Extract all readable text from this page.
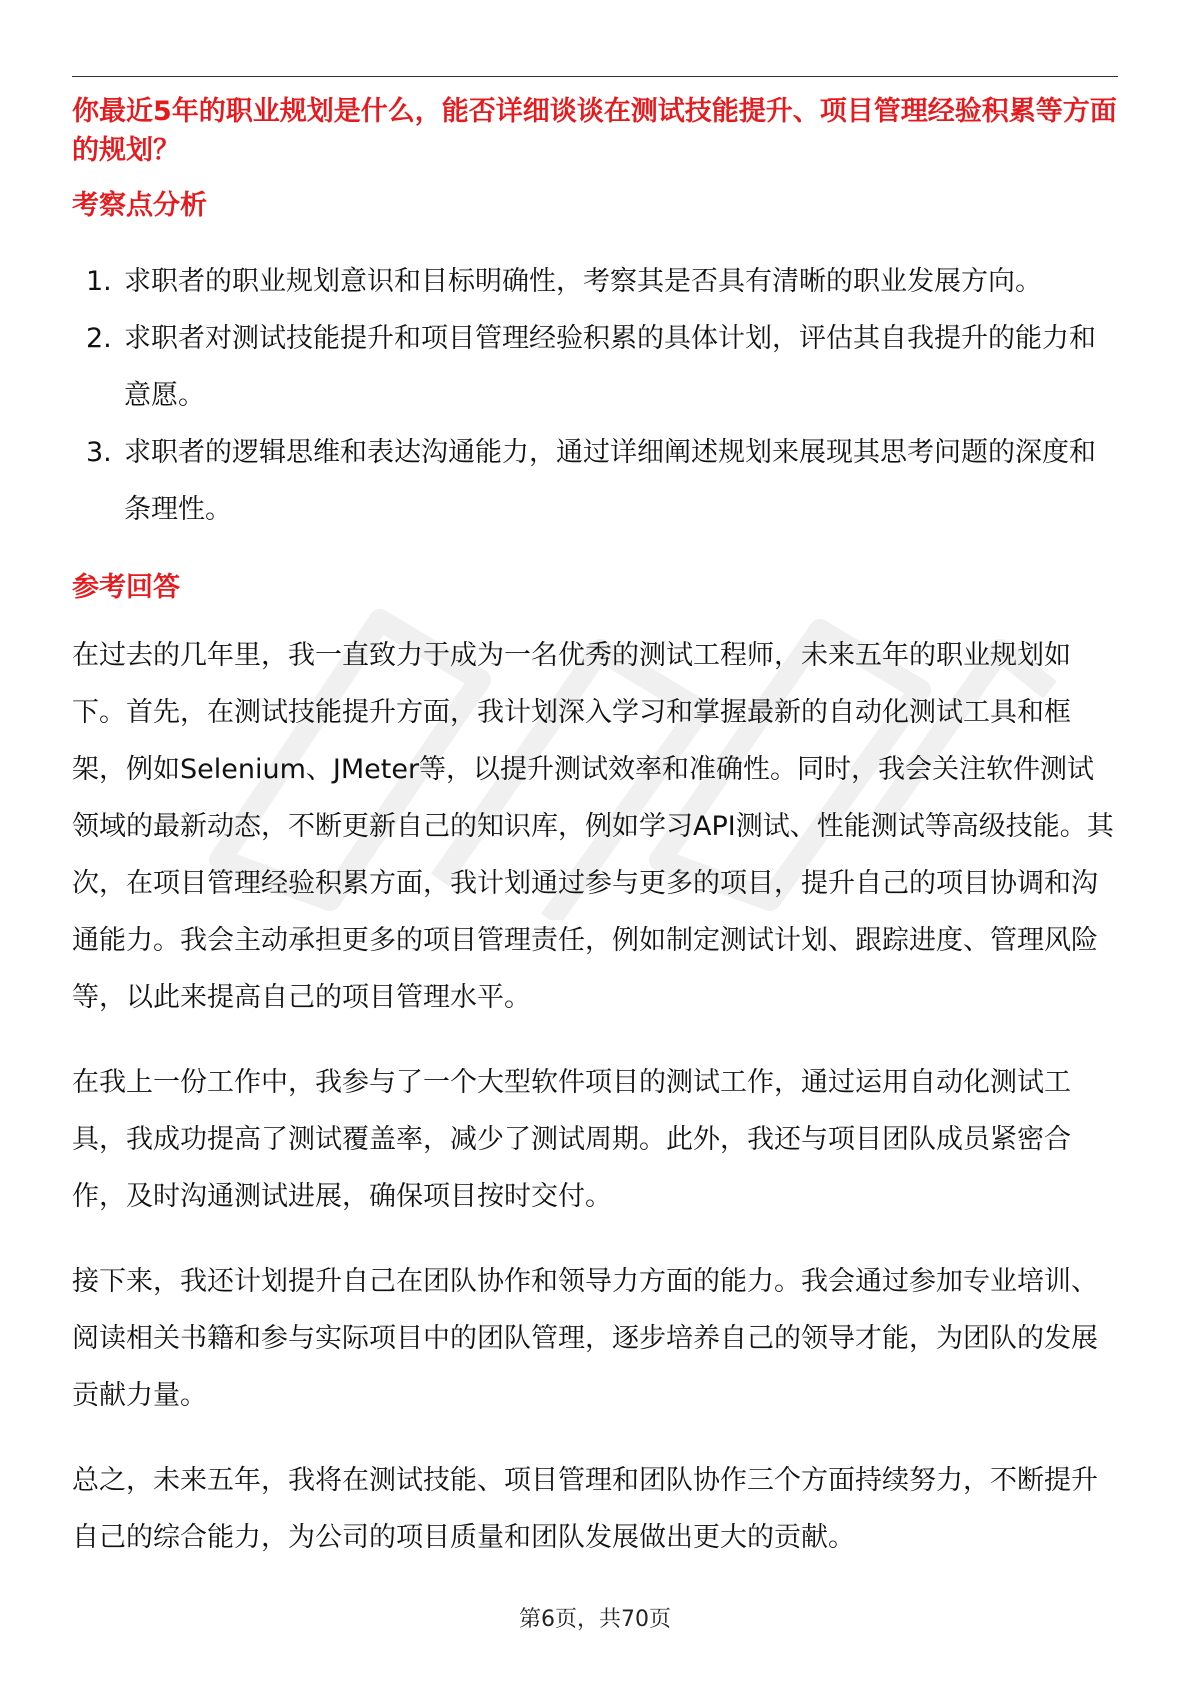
你最近5年的职业规划是什么，能否详细谈谈在测试技能提升、项目管理经验积累等方面的规划？

考察点分析

1. 求职者的职业规划意识和目标明确性，考察其是否具有清晰的职业发展方向。
2. 求职者对测试技能提升和项目管理经验积累的具体计划，评估其自我提升的能力和意愿。
3. 求职者的逻辑思维和表达沟通能力，通过详细阐述规划来展现其思考问题的深度和条理性。

参考回答

在过去的几年里，我一直致力于成为一名优秀的测试工程师，未来五年的职业规划如下。首先，在测试技能提升方面，我计划深入学习和掌握最新的自动化测试工具和框架，例如Selenium、JMeter等，以提升测试效率和准确性。同时，我会关注软件测试领域的最新动态，不断更新自己的知识库，例如学习API测试、性能测试等高级技能。其次，在项目管理经验积累方面，我计划通过参与更多的项目，提升自己的项目协调和沟通能力。我会主动承担更多的项目管理责任，例如制定测试计划、跟踪进度、管理风险等，以此来提高自己的项目管理水平。

在我上一份工作中，我参与了一个大型软件项目的测试工作，通过运用自动化测试工具，我成功提高了测试覆盖率，减少了测试周期。此外，我还与项目团队成员紧密合作，及时沟通测试进展，确保项目按时交付。

接下来，我还计划提升自己在团队协作和领导力方面的能力。我会通过参加专业培训、阅读相关书籍和参与实际项目中的团队管理，逐步培养自己的领导才能，为团队的发展贡献力量。

总之，未来五年，我将在测试技能、项目管理和团队协作三个方面持续努力，不断提升自己的综合能力，为公司的项目质量和团队发展做出更大的贡献。

第6页，共70页
